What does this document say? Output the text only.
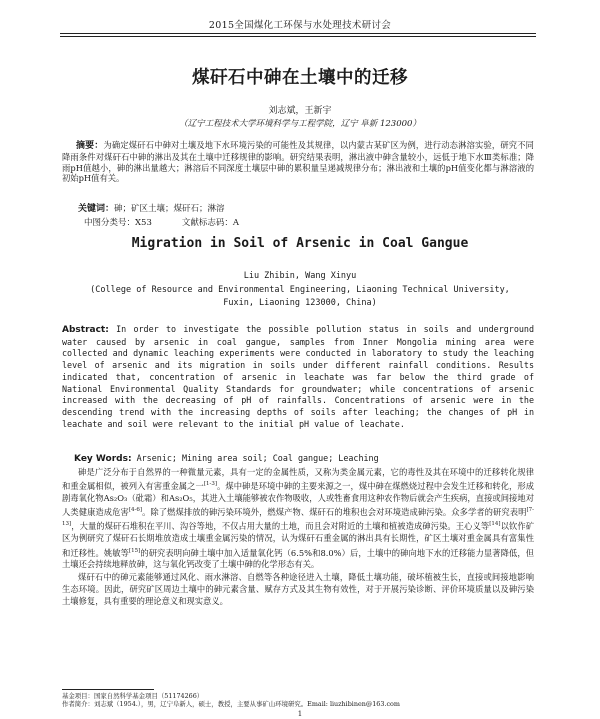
2015全国煤化工环保与水处理技术研讨会
煤矸石中砷在土壤中的迁移
刘志斌，王新宇
（辽宁工程技术大学环境科学与工程学院，辽宁 阜新 123000）
摘要：为确定煤矸石中砷对土壤及地下水环境污染的可能性及其规律，以内蒙古某矿区为例，进行动态淋溶实验，研究不同降雨条件对煤矸石中砷的淋出及其在土壤中迁移规律的影响。研究结果表明，淋出液中砷含量较小，远低于地下水Ⅲ类标准；降雨pH值越小，砷的淋出量越大；淋溶后不同深度土壤层中砷的累积量呈递减规律分布；淋出液和土壤的pH值变化都与淋溶液的初始pH值有关。
关键词：砷；矿区土壤；煤矸石；淋溶
中图分类号：X53	文献标志码：A
Migration in Soil of Arsenic in Coal Gangue
Liu Zhibin, Wang Xinyu
(College of Resource and Environmental Engineering, Liaoning Technical University,
Fuxin, Liaoning 123000, China)
Abstract: In order to investigate the possible pollution status in soils and underground water caused by arsenic in coal gangue, samples from Inner Mongolia mining area were collected and dynamic leaching experiments were conducted in laboratory to study the leaching level of arsenic and its migration in soils under different rainfall conditions. Results indicated that, concentration of arsenic in leachate was far below the third grade of National Environmental Quality Standards for groundwater; while concentrations of arsenic increased with the decreasing of pH of rainfalls. Concentrations of arsenic were in the descending trend with the increasing depths of soils after leaching; the changes of pH in leachate and soil were relevant to the initial pH value of leachate.
Key Words: Arsenic; Mining area soil; Coal gangue; Leaching

砷是广泛分布于自然界的一种微量元素，具有一定的金属性质，又称为类金属元素，它的毒性及其在环境中的迁移转化规律和重金属相似，被列入有害重金属之一[1-3]。煤中砷是环境中砷的主要来源之一，煤中砷在煤燃烧过程中会发生迁移和转化，形成剧毒氧化物As₂O₃（砒霜）和As₂O₅，其进入土壤能够被农作物吸收，人或牲畜食用这种农作物后就会产生疾病，直接或间接地对人类健康造成危害[4-6]。除了燃煤排放的砷污染环境外，燃煤产物、煤矸石的堆积也会对环境造成砷污染。众多学者的研究表明[7-13]，大量的煤矸石堆积在平川、沟谷等地，不仅占用大量的土地，而且会对附近的土壤和植被造成砷污染。王心义等[14]以钦作矿区为例研究了煤矸石长期堆放造成土壤重金属污染的情况，认为煤矸石重金属的淋出具有长期性，矿区土壤对重金属具有富集性和迁移性。姚敏等[15]的研究表明向砷土壤中加入适量氧化钙（6.5%和8.0%）后，土壤中的砷向地下水的迁移能力显著降低，但土壤还会持续地释放砷，这与氧化钙改变了土壤中砷的化学形态有关。

煤矸石中的砷元素能够通过风化、雨水淋溶、自燃等各种途径进入土壤，降低土壤功能，破坏植被生长，直接或间接地影响生态环境。因此，研究矿区周边土壤中的砷元素含量、赋存方式及其生物有效性，对于开展污染诊断、评价环境质量以及砷污染土壤修复，具有重要的理论意义和现实意义。

基金项目：国家自然科学基金项目（51174266）
作者简介：刘志斌（1954.），男，辽宁阜新人，硕士，教授，主要从事矿山环境研究。Email: liuzhibinen@163.com
1
